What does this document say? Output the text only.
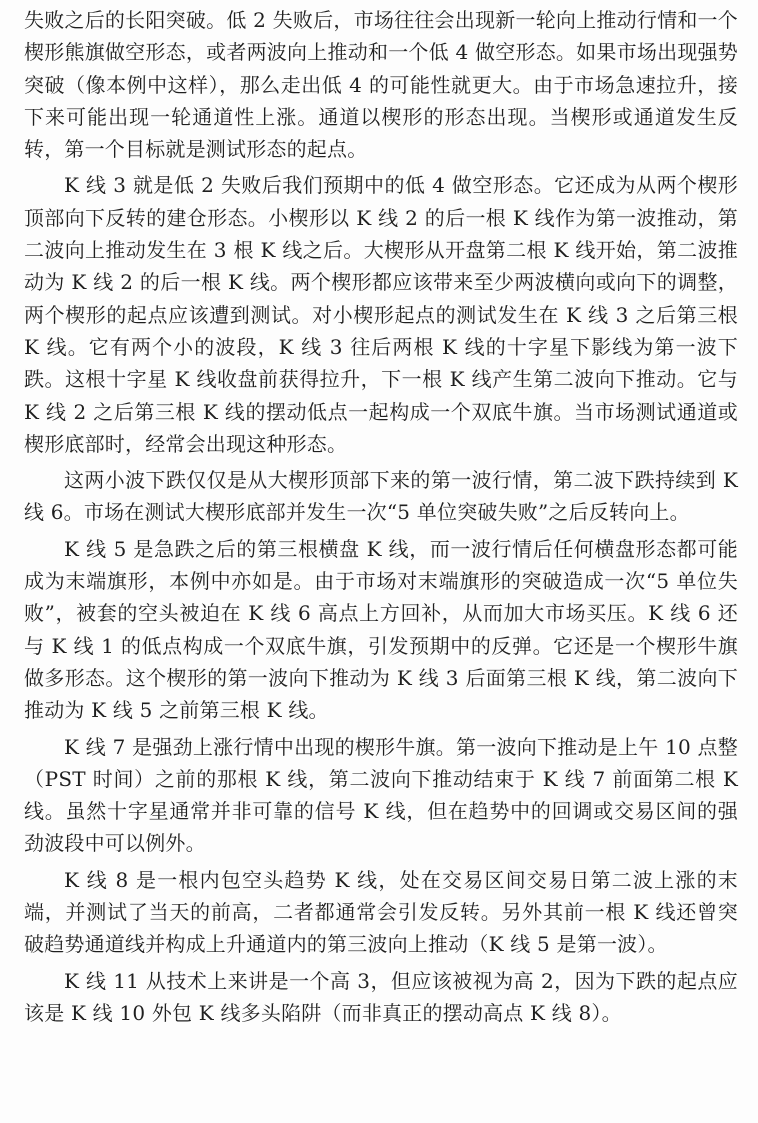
失败之后的长阳突破。低 2 失败后，市场往往会出现新一轮向上推动行情和一个楔形熊旗做空形态，或者两波向上推动和一个低 4 做空形态。如果市场出现强势突破（像本例中这样），那么走出低 4 的可能性就更大。由于市场急速拉升，接下来可能出现一轮通道性上涨。通道以楔形的形态出现。当楔形或通道发生反转，第一个目标就是测试形态的起点。

K 线 3 就是低 2 失败后我们预期中的低 4 做空形态。它还成为从两个楔形顶部向下反转的建仓形态。小楔形以 K 线 2 的后一根 K 线作为第一波推动，第二波向上推动发生在 3 根 K 线之后。大楔形从开盘第二根 K 线开始，第二波推动为 K 线 2 的后一根 K 线。两个楔形都应该带来至少两波横向或向下的调整，两个楔形的起点应该遭到测试。对小楔形起点的测试发生在 K 线 3 之后第三根 K 线。它有两个小的波段，K 线 3 往后两根 K 线的十字星下影线为第一波下跌。这根十字星 K 线收盘前获得拉升，下一根 K 线产生第二波向下推动。它与 K 线 2 之后第三根 K 线的摆动低点一起构成一个双底牛旗。当市场测试通道或楔形底部时，经常会出现这种形态。

这两小波下跌仅仅是从大楔形顶部下来的第一波行情，第二波下跌持续到 K 线 6。市场在测试大楔形底部并发生一次“5 单位突破失败”之后反转向上。

K 线 5 是急跌之后的第三根横盘 K 线，而一波行情后任何横盘形态都可能成为末端旗形，本例中亦如是。由于市场对末端旗形的突破造成一次“5 单位失败”，被套的空头被迫在 K 线 6 高点上方回补，从而加大市场买压。K 线 6 还与 K 线 1 的低点构成一个双底牛旗，引发预期中的反弹。它还是一个楔形牛旗做多形态。这个楔形的第一波向下推动为 K 线 3 后面第三根 K 线，第二波向下推动为 K 线 5 之前第三根 K 线。

K 线 7 是强劲上涨行情中出现的楔形牛旗。第一波向下推动是上午 10 点整（PST 时间）之前的那根 K 线，第二波向下推动结束于 K 线 7 前面第二根 K 线。虽然十字星通常并非可靠的信号 K 线，但在趋势中的回调或交易区间的强劲波段中可以例外。

K 线 8 是一根内包空头趋势 K 线，处在交易区间交易日第二波上涨的末端，并测试了当天的前高，二者都通常会引发反转。另外其前一根 K 线还曾突破趋势通道线并构成上升通道内的第三波向上推动（K 线 5 是第一波）。

K 线 11 从技术上来讲是一个高 3，但应该被视为高 2，因为下跌的起点应该是 K 线 10 外包 K 线多头陷阱（而非真正的摆动高点 K 线 8）。
